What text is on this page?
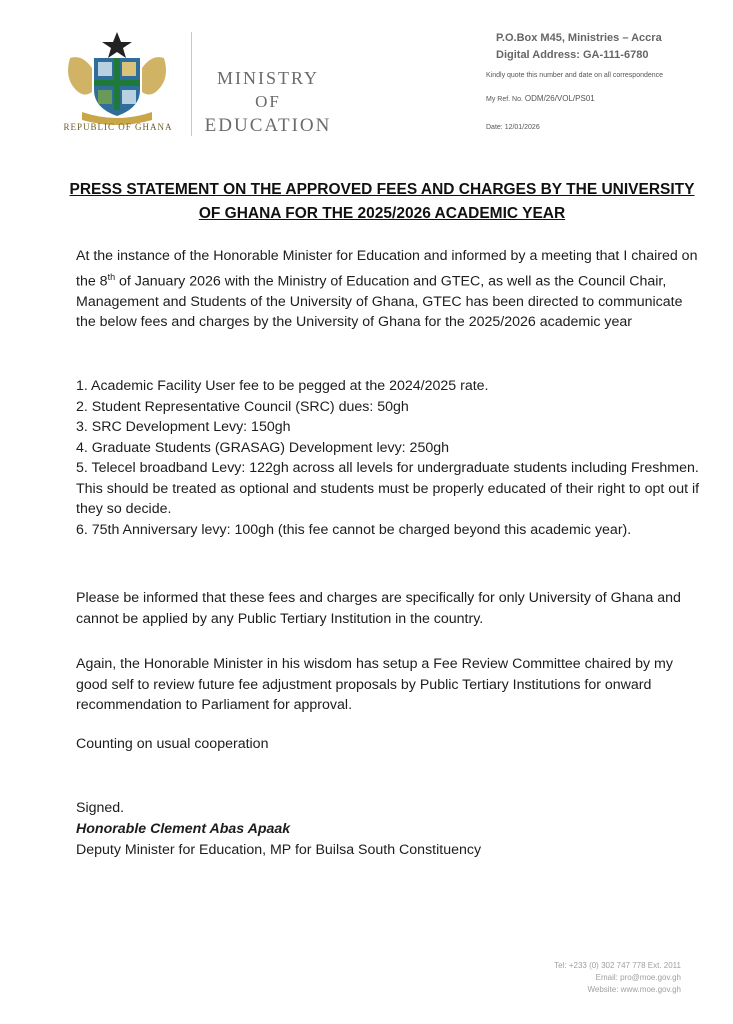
REPUBLIC OF GHANA
MINISTRY
OF
EDUCATION
P.O.Box M45, Ministries – Accra
Digital Address: GA-111-6780
Kindly quote this number and date on all correspondence
My Ref. No. ODM/26/VOL/PS01
Date: 12/01/2026
PRESS STATEMENT ON THE APPROVED FEES AND CHARGES BY THE UNIVERSITY OF GHANA FOR THE 2025/2026 ACADEMIC YEAR

At the instance of the Honorable Minister for Education and informed by a meeting that I chaired on the 8th of January 2026 with the Ministry of Education and GTEC, as well as the Council Chair, Management and Students of the University of Ghana, GTEC has been directed to communicate the below fees and charges by the University of Ghana for the 2025/2026 academic year

1. Academic Facility User fee to be pegged at the 2024/2025 rate.
2. Student Representative Council (SRC) dues: 50gh
3. SRC Development Levy: 150gh
4. Graduate Students (GRASAG) Development levy: 250gh
5. Telecel broadband Levy: 122gh across all levels for undergraduate students including Freshmen. This should be treated as optional and students must be properly educated of their right to opt out if they so decide.
6. 75th Anniversary levy: 100gh (this fee cannot be charged beyond this academic year).
Please be informed that these fees and charges are specifically for only University of Ghana and cannot be applied by any Public Tertiary Institution in the country.
Again, the Honorable Minister in his wisdom has setup a Fee Review Committee chaired by my good self to review future fee adjustment proposals by Public Tertiary Institutions for onward recommendation to Parliament for approval.
Counting on usual cooperation
Signed.
Honorable Clement Abas Apaak
Deputy Minister for Education, MP for Builsa South Constituency
Tel: +233 (0) 302 747 778 Ext. 2011
Email: pro@moe.gov.gh
Website: www.moe.gov.gh
